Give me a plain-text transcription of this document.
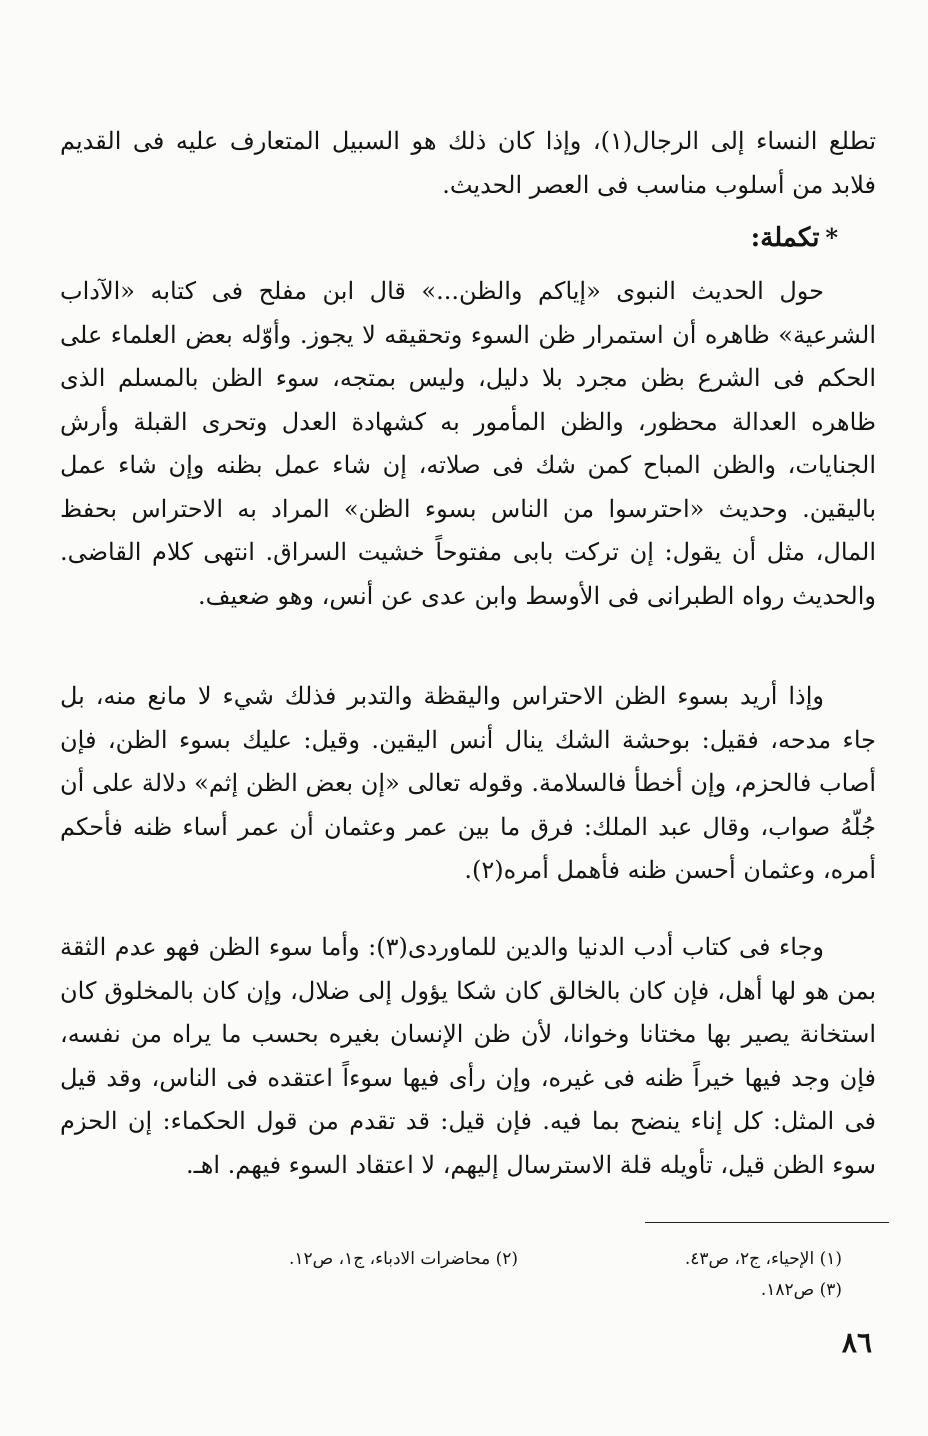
تطلع النساء إلى الرجال(١)، وإذا كان ذلك هو السبيل المتعارف عليه فى القديم فلابد من أسلوب مناسب فى العصر الحديث.

*تكملة:

حول الحديث النبوى «إياكم والظن...» قال ابن مفلح فى كتابه «الآداب الشرعية» ظاهره أن استمرار ظن السوء وتحقيقه لا يجوز. وأوّله بعض العلماء على الحكم فى الشرع بظن مجرد بلا دليل، وليس بمتجه، سوء الظن بالمسلم الذى ظاهره العدالة محظور، والظن المأمور به كشهادة العدل وتحرى القبلة وأرش الجنايات، والظن المباح كمن شك فى صلاته، إن شاء عمل بظنه وإن شاء عمل باليقين. وحديث «احترسوا من الناس بسوء الظن» المراد به الاحتراس بحفظ المال، مثل أن يقول: إن تركت بابى مفتوحاً خشيت السراق. انتهى كلام القاضى. والحديث رواه الطبرانى فى الأوسط وابن عدى عن أنس، وهو ضعيف.

وإذا أريد بسوء الظن الاحتراس واليقظة والتدبر فذلك شيء لا مانع منه، بل جاء مدحه، فقيل: بوحشة الشك ينال أنس اليقين. وقيل: عليك بسوء الظن، فإن أصاب فالحزم، وإن أخطأ فالسلامة. وقوله تعالى «إن بعض الظن إثم» دلالة على أن جُلّهُ صواب، وقال عبد الملك: فرق ما بين عمر وعثمان أن عمر أساء ظنه فأحكم أمره، وعثمان أحسن ظنه فأهمل أمره(٢).

وجاء فى كتاب أدب الدنيا والدين للماوردى(٣): وأما سوء الظن فهو عدم الثقة بمن هو لها أهل، فإن كان بالخالق كان شكا يؤول إلى ضلال، وإن كان بالمخلوق كان استخانة يصير بها مختانا وخوانا، لأن ظن الإنسان بغيره بحسب ما يراه من نفسه، فإن وجد فيها خيراً ظنه فى غيره، وإن رأى فيها سوءاً اعتقده فى الناس، وقد قيل فى المثل: كل إناء ينضح بما فيه. فإن قيل: قد تقدم من قول الحكماء: إن الحزم سوء الظن قيل، تأويله قلة الاسترسال إليهم، لا اعتقاد السوء فيهم. اهـ.

(١) الإحياء، ج٢، ص٤٣.
(٢) محاضرات الادباء، ج١، ص١٢.
(٣) ص١٨٢.
٨٦
